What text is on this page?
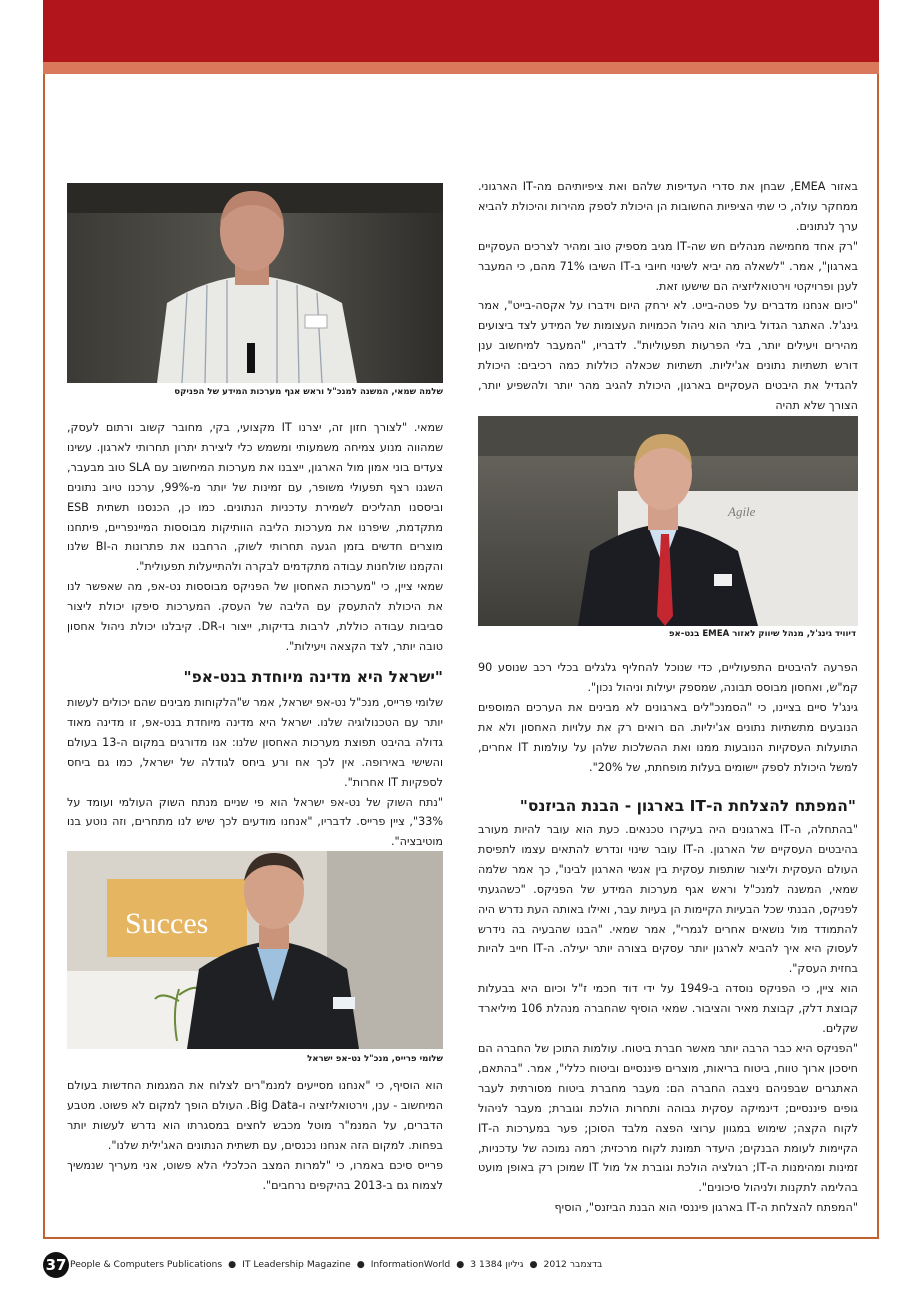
באזור EMEA, שבחן את סדרי העדיפות שלהם ואת ציפיותיהם מה-IT הארגוני. ממחקר עולה, כי שתי הציפיות החשובות הן היכולת לספק מהירות והיכולת להביא ערך לנתונים.

"רק אחד מחמישה מנהלים חש שה-IT מגיב מספיק טוב ומהיר לצרכים העסקיים בארגון", אמר. "לשאלה מה יביא לשינוי חיובי ב-IT השיבו 71% מהם, כי המעבר לענן ופרויקטי וירטואליזציה הם שישעו זאת.

"כיום אנחנו מדברים על פטה-בייט. לא ירחק היום וידברו על אקסה-בייט", אמר גינג'ל. האתגר הגדול ביותר הוא ניהול הכמויות העצומות של המידע לצד ביצועים מהירים ויעילים יותר, בלי הפרעות תפעוליות". לדבריו, "המעבר למיחשוב ענן דורש תשתיות נתונים אג'יליות. תשתיות שכאלה כוללות כמה רכיבים: היכולת להגדיל את היבטים העסקיים בארגון, היכולת להגיב מהר יותר ולהשפיע יותר, הצורך שלא תהיה

Agile
דיוויד גינג'ל, מנהל שיווק לאזור EMEA בנט-אפ

הפרעה להיבטים התפעוליים, כדי שנוכל להחליף גלגלים בכלי רכב שנוסע 90 קמ"ש, ואחסון מבוסס תבונה, שמספק יעילות וניהול נכון".

גינג'ל סיים בציינו, כי "הסמנכ"לים בארגונים לא מבינים את הערכים המוספים הנובעים מתשתיות נתונים אג'יליות. הם רואים רק את עלויות האחסון ולא את התועלות העסקיות הנובעות ממנו ואת ההשלכות שלהן על עולמות IT אחרים, למשל היכולת לספק יישומים בעלות מופחתת, של 20%".

"המפתח להצלחת ה-IT בארגון - הבנת הביזנס"

"בהתחלה, ה-IT בארגונים היה בעיקרו טכנאים. כעת הוא עובר להיות מעורב בהיבטים העסקיים של הארגון. ה-IT עובר שינוי ונדרש להתאים עצמו לתפיסת העולם העסקית וליצור שותפות עסקית בין אנשי הארגון לבינו", כך אמר שלמה שמאי, המשנה למנכ"ל וראש אגף מערכות המידע של הפניקס. "כשהגעתי לפניקס, הבנתי שכל הבעיות הקיימות הן בעיות עבר, ואילו באותה העת נדרש היה להתמודד מול נושאים אחרים לגמרי", אמר שמאי. "הבנו שהבעיה בה נידרש לעסוק היא איך להביא לארגון יותר עסקים בצורה יותר יעילה. ה-IT חייב להיות בחזית העסק".

הוא ציין, כי הפניקס נוסדה ב-1949 על ידי דוד חכמי ז"ל וכיום היא בבעלות קבוצת דלק, קבוצת מאיר והציבור. שמאי הוסיף שהחברה מנהלת 106 מיליארד שקלים.

"הפניקס היא כבר הרבה יותר מאשר חברת ביטוח. עולמות התוכן של החברה הם חיסכון ארוך טווח, ביטוח בריאות, מוצרים פיננסיים וביטוח כללי", אמר. "בהתאם, האתגרים שבפניהם ניצבה החברה הם: מעבר מחברת ביטוח מסורתית לעבר גופים פיננסיים; דינמיקה עסקית גבוהה ותחרות הולכת וגוברת; מעבר לניהול לקוח הקצה; שימוש במגוון ערוצי הפצה מלבד הסוכן; פער במערכות ה-IT הקיימות לעומת הבנקים; היעדר תמונת לקוח מרכזית; רמה נמוכה של עדכניות, זמינות ומהימנות ה-IT; רגולציה הולכת וגוברת אל מול IT שמוכן רק באופן מועט בהלימה לתקנות ולניהול סיכונים".

"המפתח להצלחת ה-IT בארגון פיננסי הוא הבנת הביזנס", הוסיף

שלמה שמאי, המשנה למנכ"ל וראש אגף מערכות המידע של הפניקס

שמאי. "לצורך חזון זה, יצרנו IT מקצועי, בקי, מחובר קשוב ורתום לעסק, שמהווה מנוע צמיחה משמעותי ומשמש כלי ליצירת יתרון תחרותי לארגון. עשינו צעדים בוני אמון מול הארגון, ייצבנו את מערכות המיחשוב עם SLA טוב מבעבר, השגנו רצף תפעולי משופר, עם זמינות של יותר מ-99%, ערכנו טיוב נתונים וביססנו תהליכים לשמירת עדכניות הנתונים. כמו כן, הכנסנו תשתית ESB מתקדמת, שיפרנו את מערכות הליבה הוותיקות מבוססות המיינפריים, פיתחנו מוצרים חדשים בזמן הגעה תחרותי לשוק, הרחבנו את פתרונות ה-BI שלנו והקמנו שולחנות עבודה מתקדמים לבקרה ולהתייעלות תפעולית".

שמאי ציין, כי "מערכות האחסון של הפניקס מבוססות נט-אפ, מה שאפשר לנו את היכולת להתעסק עם הליבה של העסק. המערכות סיפקו יכולת ליצור סביבות עבודה כוללת, לרבות בדיקות, ייצור ו-DR. קיבלנו יכולת ניהול אחסון טובה יותר, לצד הקצאה ויעילות".

"ישראל היא מדינה מיוחדת בנט-אפ"

שלומי פרייס, מנכ"ל נט-אפ ישראל, אמר ש"הלקוחות מבינים שהם יכולים לעשות יותר עם הטכנולוגיה שלנו. ישראל היא מדינה מיוחדת בנט-אפ, זו מדינה מאוד גדולה בהיבט תפוצת מערכות האחסון שלנו: אנו מדורגים במקום ה-13 בעולם והשישי באירופה. אין לכך אח ורע ביחס לגודלה של ישראל, כמו גם ביחס לספקיות IT אחרות".

"נתח השוק של נט-אפ ישראל הוא פי שניים מנתח השוק העולמי ועומד על 33%", ציין פרייס. לדבריו, "אנחנו מודעים לכך שיש לנו מתחרים, וזה נוטע בנו מוטיבציה".

Succes
שלומי פרייס, מנכ"ל נט-אפ ישראל

הוא הוסיף, כי "אנחנו מסייעים למנמ"רים לצלוח את המגמות החדשות בעולם המיחשוב - ענן, וירטואליזציה ו-Big Data. העולם הופך למקום לא פשוט. מטבע הדברים, על המנמ"ר מוטל מכבש לחצים במסגרתו הוא נדרש לעשות יותר בפחות. למקום הזה אנחנו נכנסים, עם תשתית הנתונים האג'ילית שלנו".

פרייס סיכם באמרו, כי "למרות המצב הכלכלי הלא פשוט, אני מעריך שנמשיך לצמוח גם ב-2013 בהיקפים נרחבים".

37 People & Computers Publications ● IT Leadership Magazine ● InformationWorld ● 3 בדצמבר 2012●גיליון 1384
